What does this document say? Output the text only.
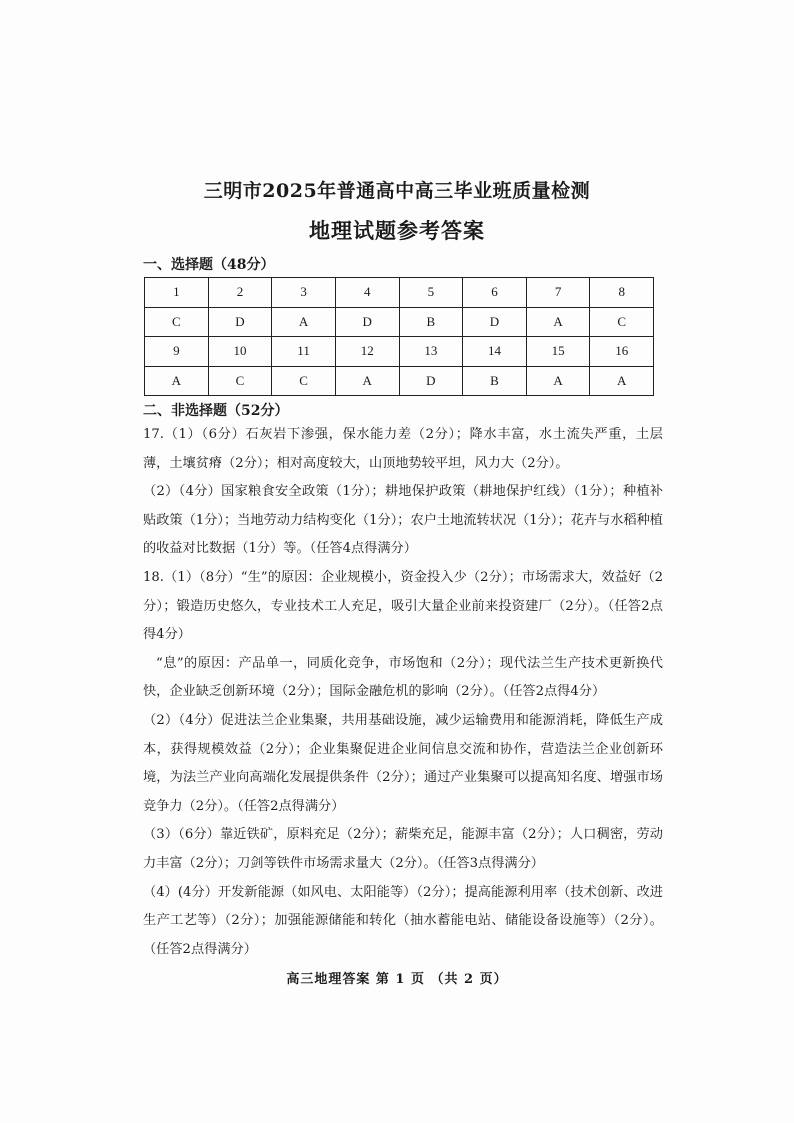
三明市2025年普通高中高三毕业班质量检测
地理试题参考答案
一、选择题（48分）
1	2	3	4	5	6	7	8
C	D	A	D	B	D	A	C
9	10	11	12	13	14	15	16
A	C	C	A	D	B	A	A
二、非选择题（52分）

17.（1）（6分）石灰岩下渗强，保水能力差（2分）；降水丰富，水土流失严重，土层薄，土壤贫瘠（2分）；相对高度较大，山顶地势较平坦，风力大（2分）。

（2）（4分）国家粮食安全政策（1分）；耕地保护政策（耕地保护红线）（1分）；种植补贴政策（1分）；当地劳动力结构变化（1分）；农户土地流转状况（1分）；花卉与水稻种植的收益对比数据（1分）等。（任答4点得满分）

18.（1）（8分）“生”的原因：企业规模小，资金投入少（2分）；市场需求大，效益好（2分）；锻造历史悠久，专业技术工人充足，吸引大量企业前来投资建厂（2分）。（任答2点得4分）

“息”的原因：产品单一，同质化竞争，市场饱和（2分）；现代法兰生产技术更新换代快，企业缺乏创新环境（2分）；国际金融危机的影响（2分）。（任答2点得4分）

（2）（4分）促进法兰企业集聚，共用基础设施，减少运输费用和能源消耗，降低生产成本，获得规模效益（2分）；企业集聚促进企业间信息交流和协作，营造法兰企业创新环境，为法兰产业向高端化发展提供条件（2分）；通过产业集聚可以提高知名度、增强市场竞争力（2分）。（任答2点得满分）

（3）（6分）靠近铁矿，原料充足（2分）；薪柴充足，能源丰富（2分）；人口稠密，劳动力丰富（2分）；刀剑等铁件市场需求量大（2分）。（任答3点得满分）

（4）(4分）开发新能源（如风电、太阳能等）（2分）；提高能源利用率（技术创新、改进生产工艺等）（2分）；加强能源储能和转化（抽水蓄能电站、储能设备设施等）（2分）。（任答2点得满分）

高三地理答案 第 1 页 （共 2 页）
